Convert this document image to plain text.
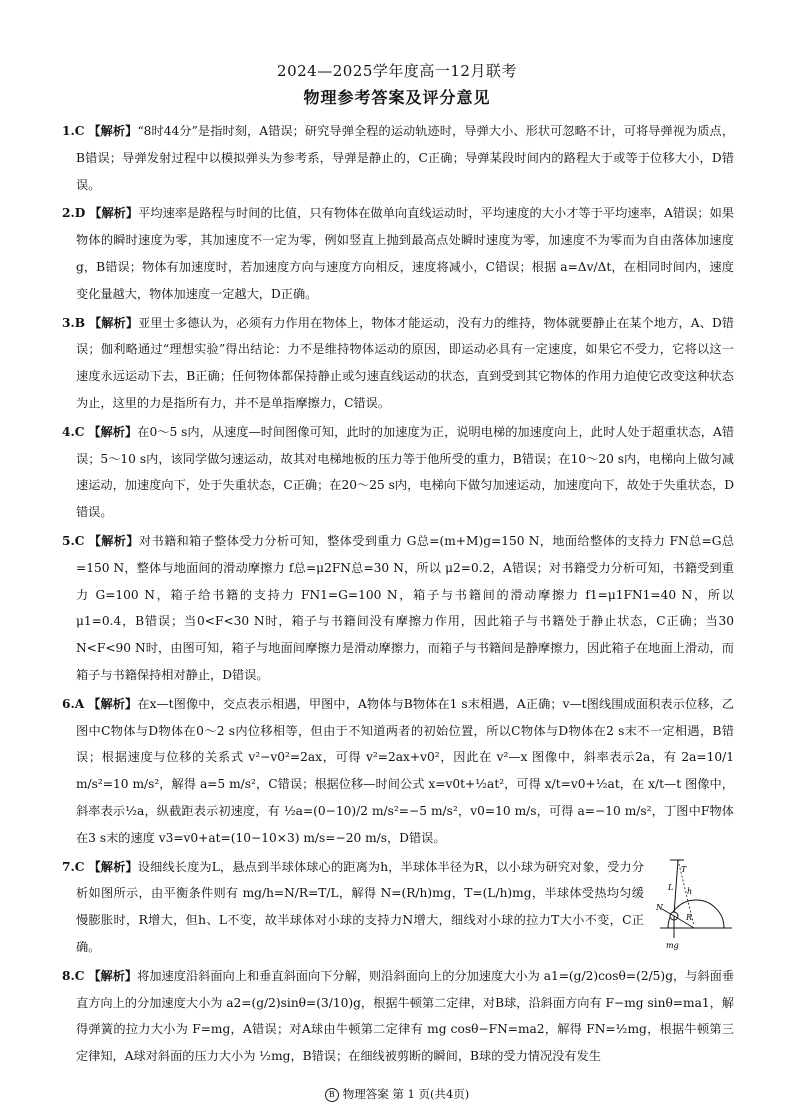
2024—2025学年度高一12月联考
物理参考答案及评分意见

1.C 【解析】“8时44分”是指时刻，A错误；研究导弹全程的运动轨迹时，导弹大小、形状可忽略不计，可将导弹视为质点，B错误；导弹发射过程中以模拟弹头为参考系，导弹是静止的，C正确；导弹某段时间内的路程大于或等于位移大小，D错误。

2.D 【解析】平均速率是路程与时间的比值，只有物体在做单向直线运动时，平均速度的大小才等于平均速率，A错误；如果物体的瞬时速度为零，其加速度不一定为零，例如竖直上抛到最高点处瞬时速度为零，加速度不为零而为自由落体加速度 g，B错误；物体有加速度时，若加速度方向与速度方向相反，速度将减小，C错误；根据 a=Δv/Δt，在相同时间内，速度变化量越大，物体加速度一定越大，D正确。

3.B 【解析】亚里士多德认为，必须有力作用在物体上，物体才能运动，没有力的维持，物体就要静止在某个地方，A、D错误；伽利略通过“理想实验”得出结论：力不是维持物体运动的原因，即运动必具有一定速度，如果它不受力，它将以这一速度永远运动下去，B正确；任何物体都保持静止或匀速直线运动的状态，直到受到其它物体的作用力迫使它改变这种状态为止，这里的力是指所有力，并不是单指摩擦力，C错误。

4.C 【解析】在0～5 s内，从速度—时间图像可知，此时的加速度为正，说明电梯的加速度向上，此时人处于超重状态，A错误；5～10 s内，该同学做匀速运动，故其对电梯地板的压力等于他所受的重力，B错误；在10～20 s内，电梯向上做匀减速运动，加速度向下，处于失重状态，C正确；在20～25 s内，电梯向下做匀加速运动，加速度向下，故处于失重状态，D错误。

5.C 【解析】对书籍和箱子整体受力分析可知，整体受到重力 G总=(m+M)g=150 N，地面给整体的支持力 FN总=G总=150 N，整体与地面间的滑动摩擦力 f总=μ2FN总=30 N，所以 μ2=0.2，A错误；对书籍受力分析可知，书籍受到重力 G=100 N，箱子给书籍的支持力 FN1=G=100 N，箱子与书籍间的滑动摩擦力 f1=μ1FN1=40 N，所以 μ1=0.4，B错误；当0<F<30 N时，箱子与书籍间没有摩擦力作用，因此箱子与书籍处于静止状态，C正确；当30 N<F<90 N时，由图可知，箱子与地面间摩擦力是滑动摩擦力，而箱子与书籍间是静摩擦力，因此箱子在地面上滑动，而箱子与书籍保持相对静止，D错误。

6.A 【解析】在x—t图像中，交点表示相遇，甲图中，A物体与B物体在1 s末相遇，A正确；v—t图线围成面积表示位移，乙图中C物体与D物体在0～2 s内位移相等，但由于不知道两者的初始位置，所以C物体与D物体在2 s末不一定相遇，B错误；根据速度与位移的关系式 v²−v0²=2ax，可得 v²=2ax+v0²，因此在 v²—x 图像中，斜率表示2a，有 2a=10/1 m/s²=10 m/s²，解得 a=5 m/s²，C错误；根据位移—时间公式 x=v0t+½at²，可得 x/t=v0+½at，在 x/t—t 图像中，斜率表示½a，纵截距表示初速度，有 ½a=(0−10)/2 m/s²=−5 m/s²，v0=10 m/s，可得 a=−10 m/s²，丁图中F物体在3 s末的速度 v3=v0+at=(10−10×3) m/s=−20 m/s，D错误。

T
N
L h
R
mg
7.C 【解析】设细线长度为L，悬点到半球体球心的距离为h，半球体半径为R，以小球为研究对象，受力分析如图所示，由平衡条件则有 mg/h=N/R=T/L，解得 N=(R/h)mg，T=(L/h)mg，半球体受热均匀缓慢膨胀时，R增大，但h、L不变，故半球体对小球的支持力N增大，细线对小球的拉力T大小不变，C正确。

8.C 【解析】将加速度沿斜面向上和垂直斜面向下分解，则沿斜面向上的分加速度大小为 a1=(g/2)cosθ=(2/5)g，与斜面垂直方向上的分加速度大小为 a2=(g/2)sinθ=(3/10)g，根据牛顿第二定律，对B球，沿斜面方向有 F−mg sinθ=ma1，解得弹簧的拉力大小为 F=mg，A错误；对A球由牛顿第二定律有 mg cosθ−FN=ma2，解得 FN=½mg，根据牛顿第三定律知，A球对斜面的压力大小为 ½mg，B错误；在细线被剪断的瞬间，B球的受力情况没有发生

B 物理答案 第 1 页(共4页)
